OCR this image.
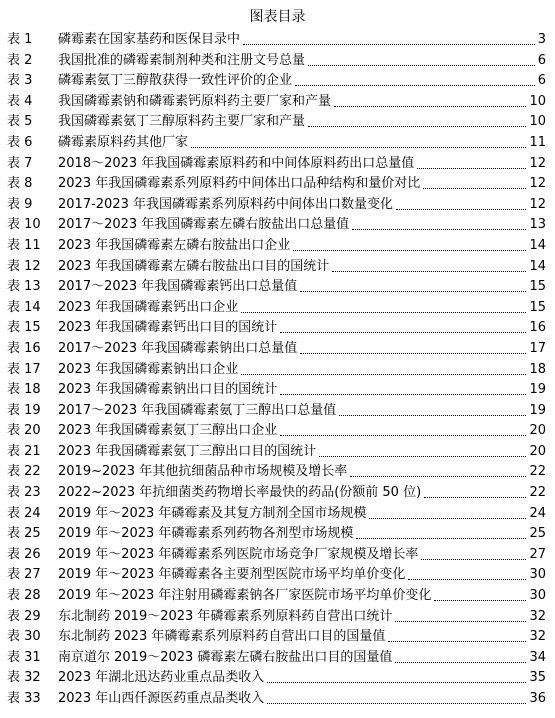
图表目录
表 1	磷霉素在国家基药和医保目录中	3
表 2	我国批准的磷霉素制剂种类和注册文号总量	6
表 3	磷霉素氨丁三醇散获得一致性评价的企业	6
表 4	我国磷霉素钠和磷霉素钙原料药主要厂家和产量	10
表 5	我国磷霉素氨丁三醇原料药主要厂家和产量	10
表 6	磷霉素原料药其他厂家	11
表 7	2018～2023 年我国磷霉素原料药和中间体原料药出口总量值	12
表 8	2023 年我国磷霉素系列原料药中间体出口品种结构和量价对比	12
表 9	2017-2023 年我国磷霉素系列原料药中间体出口数量变化	12
表 10	2017～2023 年我国磷霉素左磷右胺盐出口总量值	13
表 11	2023 年我国磷霉素左磷右胺盐出口企业	14
表 12	2023 年我国磷霉素左磷右胺盐出口目的国统计	14
表 13	2017～2023 年我国磷霉素钙出口总量值	15
表 14	2023 年我国磷霉素钙出口企业	15
表 15	2023 年我国磷霉素钙出口目的国统计	16
表 16	2017～2023 年我国磷霉素钠出口总量值	17
表 17	2023 年我国磷霉素钠出口企业	18
表 18	2023 年我国磷霉素钠出口目的国统计	19
表 19	2017～2023 年我国磷霉素氨丁三醇出口总量值	19
表 20	2023 年我国磷霉素氨丁三醇出口企业	20
表 21	2023 年我国磷霉素氨丁三醇出口目的国统计	20
表 22	2019~2023 年其他抗细菌品种市场规模及增长率	22
表 23	2022~2023 年抗细菌类药物增长率最快的药品(份额前 50 位)	22
表 24	2019 年～2023 年磷霉素及其复方制剂全国市场规模	24
表 25	2019 年～2023 年磷霉素系列药物各剂型市场规模	25
表 26	2019 年～2023 年磷霉素系列医院市场竞争厂家规模及增长率	27
表 27	2019 年～2023 年磷霉素各主要剂型医院市场平均单价变化	30
表 28	2019 年～2023 年注射用磷霉素钠各厂家医院市场平均单价变化	30
表 29	东北制药 2019～2023 年磷霉素系列原料药自营出口统计	32
表 30	东北制药 2023 年磷霉素系列原料药自营出口目的国量值	32
表 31	南京道尔 2019～2023 磷霉素左磷右胺盐出口目的国量值	34
表 32	2023 年湖北迅达药业重点品类收入	35
表 33	2023 年山西仟源医药重点品类收入	36
